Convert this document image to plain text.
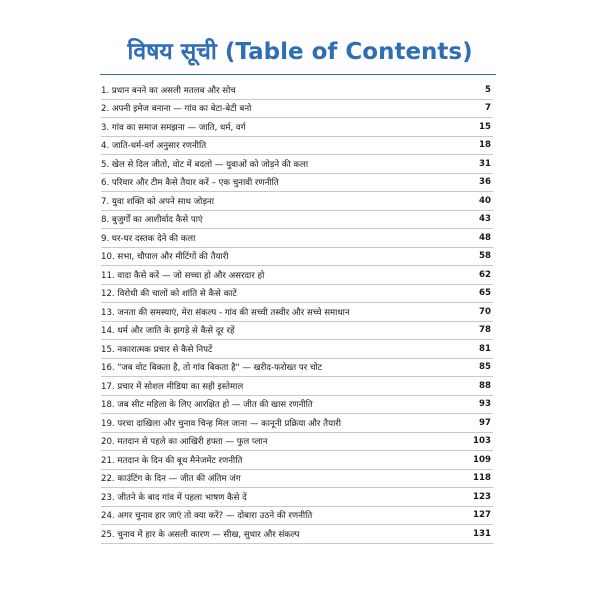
विषय सूची (Table of Contents)
1. प्रधान बनने का असली मतलब और सोच	5
2. अपनी इमेज बनाना — गांव का बेटा-बेटी बनो	7
3. गांव का समाज समझना — जाति, धर्म, वर्ग	15
4. जाति-धर्म-वर्ग अनुसार रणनीति	18
5. खेल से दिल जीतो, वोट में बदलो — युवाओं को जोड़ने की कला	31
6. परिवार और टीम कैसे तैयार करें – एक चुनावी रणनीति	36
7. युवा शक्ति को अपने साथ जोड़ना	40
8. बुजुर्गों का आशीर्वाद कैसे पाएं	43
9. घर-घर दस्तक देने की कला	48
10. सभा, चौपाल और मीटिंगों की तैयारी	58
11. वादा कैसे करें — जो सच्चा हो और असरदार हो	62
12. विरोधी की चालों को शांति से कैसे काटें	65
13. जनता की समस्याएं, मेरा संकल्प - गांव की सच्ची तस्वीर और सच्चे समाधान	70
14. धर्म और जाति के झगड़े से कैसे दूर रहें	78
15. नकारात्मक प्रचार से कैसे निपटें	81
16. "जब वोट बिकता है, तो गांव बिकता है" — खरीद-फरोख्त पर चोट	85
17. प्रचार में सोशल मीडिया का सही इस्तेमाल	88
18. जब सीट महिला के लिए आरक्षित हो — जीत की खास रणनीति	93
19. परचा दाखिला और चुनाव चिन्ह मिल जाना — कानूनी प्रक्रिया और तैयारी	97
20. मतदान से पहले का आखिरी हफ्ता — फुल प्लान	103
21. मतदान के दिन की बूथ मैनेजमेंट रणनीति	109
22. काउंटिंग के दिन — जीत की अंतिम जंग	118
23. जीतने के बाद गांव में पहला भाषण कैसे दें	123
24. अगर चुनाव हार जाएं तो क्या करें? — दोबारा उठने की रणनीति	127
25. चुनाव में हार के असली कारण — सीख, सुधार और संकल्प	131
